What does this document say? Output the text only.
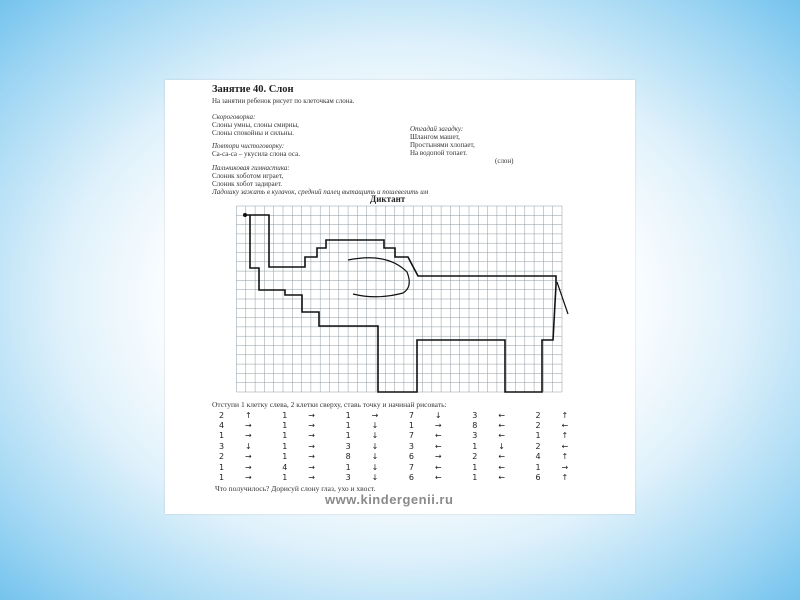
Занятие 40. Слон
На занятии ребенок рисует по клеточкам слона.
Скороговорка:
Слоны умны, слоны смирны,
Слоны спокойны и сильны.
Повтори чистоговорку:
Са-са-са – укусила слона оса.
Пальчиковая гимнастика:
Слоник хоботом играет,
Слоник хобот задирает.
Ладошку зажать в кулачок, средний палец вытащить и пошевелить им
Отгадай загадку:
Шлангом машет,
Простынями хлопает,
На водопой топает.
(слон)
Диктант
Отступи 1 клетку слева, 2 клетки сверху, ставь точку и начинай рисовать:
2	↑	1	→	1	→	7	↓	3	←	2	↑
4	→	1	→	1	↓	1	→	8	←	2	←
1	→	1	→	1	↓	7	←	3	←	1	↑
3	↓	1	→	3	↓	3	←	1	↓	2	←
2	→	1	→	8	↓	6	→	2	←	4	↑
1	→	4	→	1	↓	7	←	1	←	1	→
1	→	1	→	3	↓	6	←	1	←	6	↑
Что получилось? Дорисуй слону глаз, ухо и хвост.
www.kindergenii.ru
